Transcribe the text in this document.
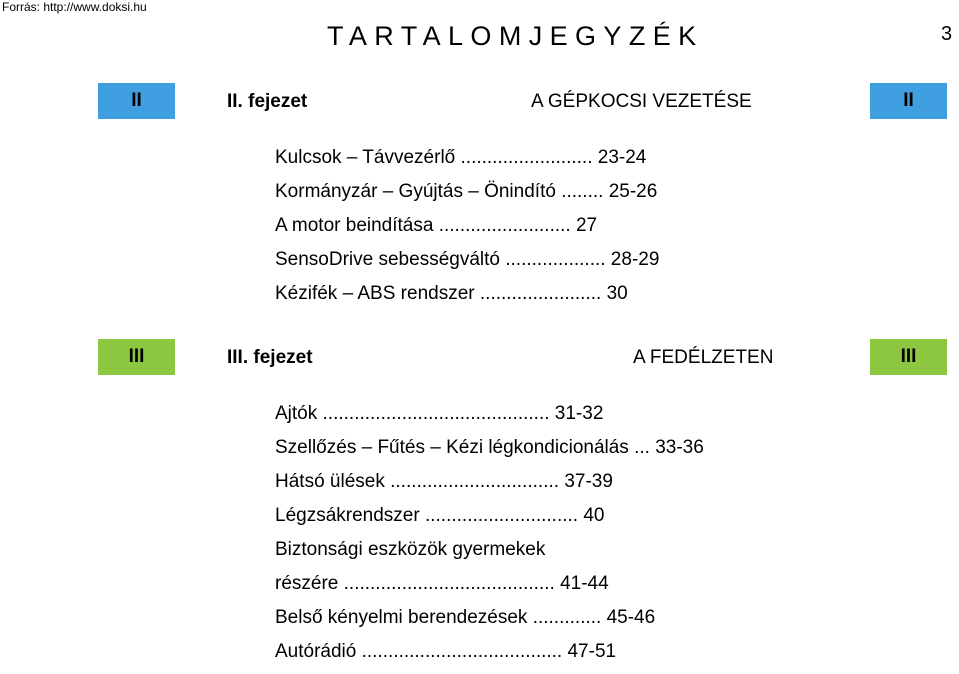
Forrás: http://www.doksi.hu
TARTALOMJEGYZÉK	3
II	II. fejezet	A GÉPKOCSI VEZETÉSE	II
Kulcsok – Távvezérlő ......................... 23-24
Kormányzár – Gyújtás – Önindító ........ 25-26
A motor beindítása ......................... 27
SensoDrive sebességváltó ................... 28-29
Kézifék – ABS rendszer ....................... 30
III	III. fejezet	A FEDÉLZETEN	III
Ajtók ........................................... 31-32
Szellőzés – Fűtés – Kézi légkondicionálás ... 33-36
Hátsó ülések ................................ 37-39
Légzsákrendszer ............................. 40
Biztonsági eszközök gyermekek
részére ........................................ 41-44
Belső kényelmi berendezések ............. 45-46
Autórádió ...................................... 47-51
